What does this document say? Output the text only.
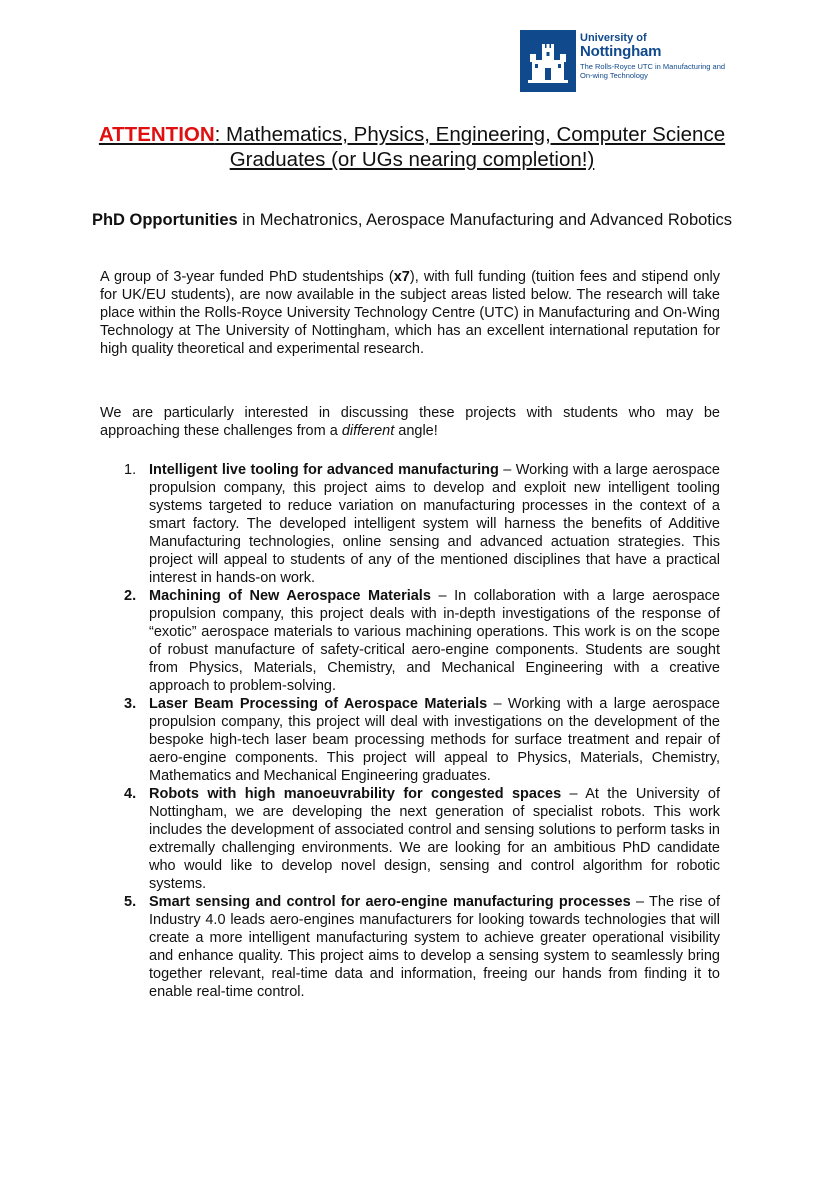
University of
Nottingham
The Rolls-Royce UTC in Manufacturing and On-wing Technology
ATTENTION: Mathematics, Physics, Engineering, Computer Science Graduates (or UGs nearing completion!)
PhD Opportunities in Mechatronics, Aerospace Manufacturing and Advanced Robotics
A group of 3-year funded PhD studentships (x7), with full funding (tuition fees and stipend only for UK/EU students), are now available in the subject areas listed below. The research will take place within the Rolls-Royce University Technology Centre (UTC) in Manufacturing and On-Wing Technology at The University of Nottingham, which has an excellent international reputation for high quality theoretical and experimental research.
We are particularly interested in discussing these projects with students who may be approaching these challenges from a different angle!
1. Intelligent live tooling for advanced manufacturing – Working with a large aerospace propulsion company, this project aims to develop and exploit new intelligent tooling systems targeted to reduce variation on manufacturing processes in the context of a smart factory. The developed intelligent system will harness the benefits of Additive Manufacturing technologies, online sensing and advanced actuation strategies. This project will appeal to students of any of the mentioned disciplines that have a practical interest in hands-on work.
2. Machining of New Aerospace Materials – In collaboration with a large aerospace propulsion company, this project deals with in-depth investigations of the response of “exotic” aerospace materials to various machining operations. This work is on the scope of robust manufacture of safety-critical aero-engine components. Students are sought from Physics, Materials, Chemistry, and Mechanical Engineering with a creative approach to problem-solving.
3. Laser Beam Processing of Aerospace Materials – Working with a large aerospace propulsion company, this project will deal with investigations on the development of the bespoke high-tech laser beam processing methods for surface treatment and repair of aero-engine components. This project will appeal to Physics, Materials, Chemistry, Mathematics and Mechanical Engineering graduates.
4. Robots with high manoeuvrability for congested spaces – At the University of Nottingham, we are developing the next generation of specialist robots. This work includes the development of associated control and sensing solutions to perform tasks in extremally challenging environments. We are looking for an ambitious PhD candidate who would like to develop novel design, sensing and control algorithm for robotic systems.
5. Smart sensing and control for aero-engine manufacturing processes – The rise of Industry 4.0 leads aero-engines manufacturers for looking towards technologies that will create a more intelligent manufacturing system to achieve greater operational visibility and enhance quality. This project aims to develop a sensing system to seamlessly bring together relevant, real-time data and information, freeing our hands from finding it to enable real-time control.
